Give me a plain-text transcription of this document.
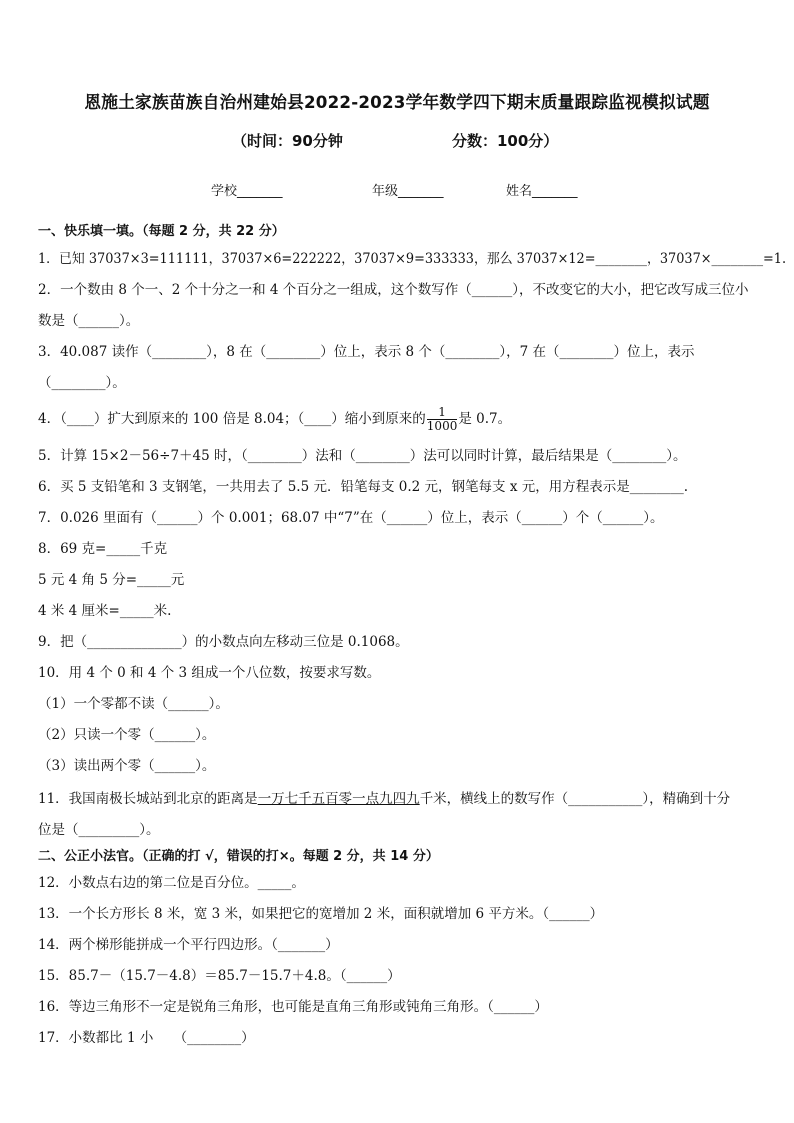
恩施土家族苗族自治州建始县2022-2023学年数学四下期末质量跟踪监视模拟试题
（时间：90分钟	分数：100分）
学校_______	年级_______	姓名_______
一、快乐填一填。（每题 2 分，共 22 分）
1．已知 37037×3=111111，37037×6=222222，37037×9=333333，那么 37037×12=________，37037×________=1.
2．一个数由 8 个一、2 个十分之一和 4 个百分之一组成，这个数写作（______），不改变它的大小，把它改写成三位小
数是（______）。
3．40.087 读作（________），8 在（________）位上，表示 8 个（________），7 在（________）位上，表示
（________）。
4．（____）扩大到原来的 100 倍是 8.04；（____）缩小到原来的 $\frac{1}{1000}$ 是 0.7。
5．计算 15×2－56÷7＋45 时，（________）法和（________）法可以同时计算，最后结果是（________）。
6．买 5 支铅笔和 3 支钢笔，一共用去了 5.5 元．铅笔每支 0.2 元，钢笔每支 x 元，用方程表示是________.
7．0.026 里面有（______）个 0.001；68.07 中“7”在（______）位上，表示（______）个（______）。
8．69 克=_____千克
5 元 4 角 5 分=_____元
4 米 4 厘米=_____米.
9．把（______________）的小数点向左移动三位是 0.1068。
10．用 4 个 0 和 4 个 3 组成一个八位数，按要求写数。
（1）一个零都不读（______）。
（2）只读一个零（______）。
（3）读出两个零（______）。
11．我国南极长城站到北京的距离是一万七千五百零一点九四九千米，横线上的数写作（___________），精确到十分
位是（_________）。
二、公正小法官。（正确的打 √，错误的打×。每题 2 分，共 14 分）
12．小数点右边的第二位是百分位。_____。
13．一个长方形长 8 米，宽 3 米，如果把它的宽增加 2 米，面积就增加 6 平方米。（______）
14．两个梯形能拼成一个平行四边形。（_______）
15．85.7－（15.7－4.8）＝85.7－15.7＋4.8。（______）
16．等边三角形不一定是锐角三角形，也可能是直角三角形或钝角三角形。（______）
17．小数都比 1 小　　（________）
